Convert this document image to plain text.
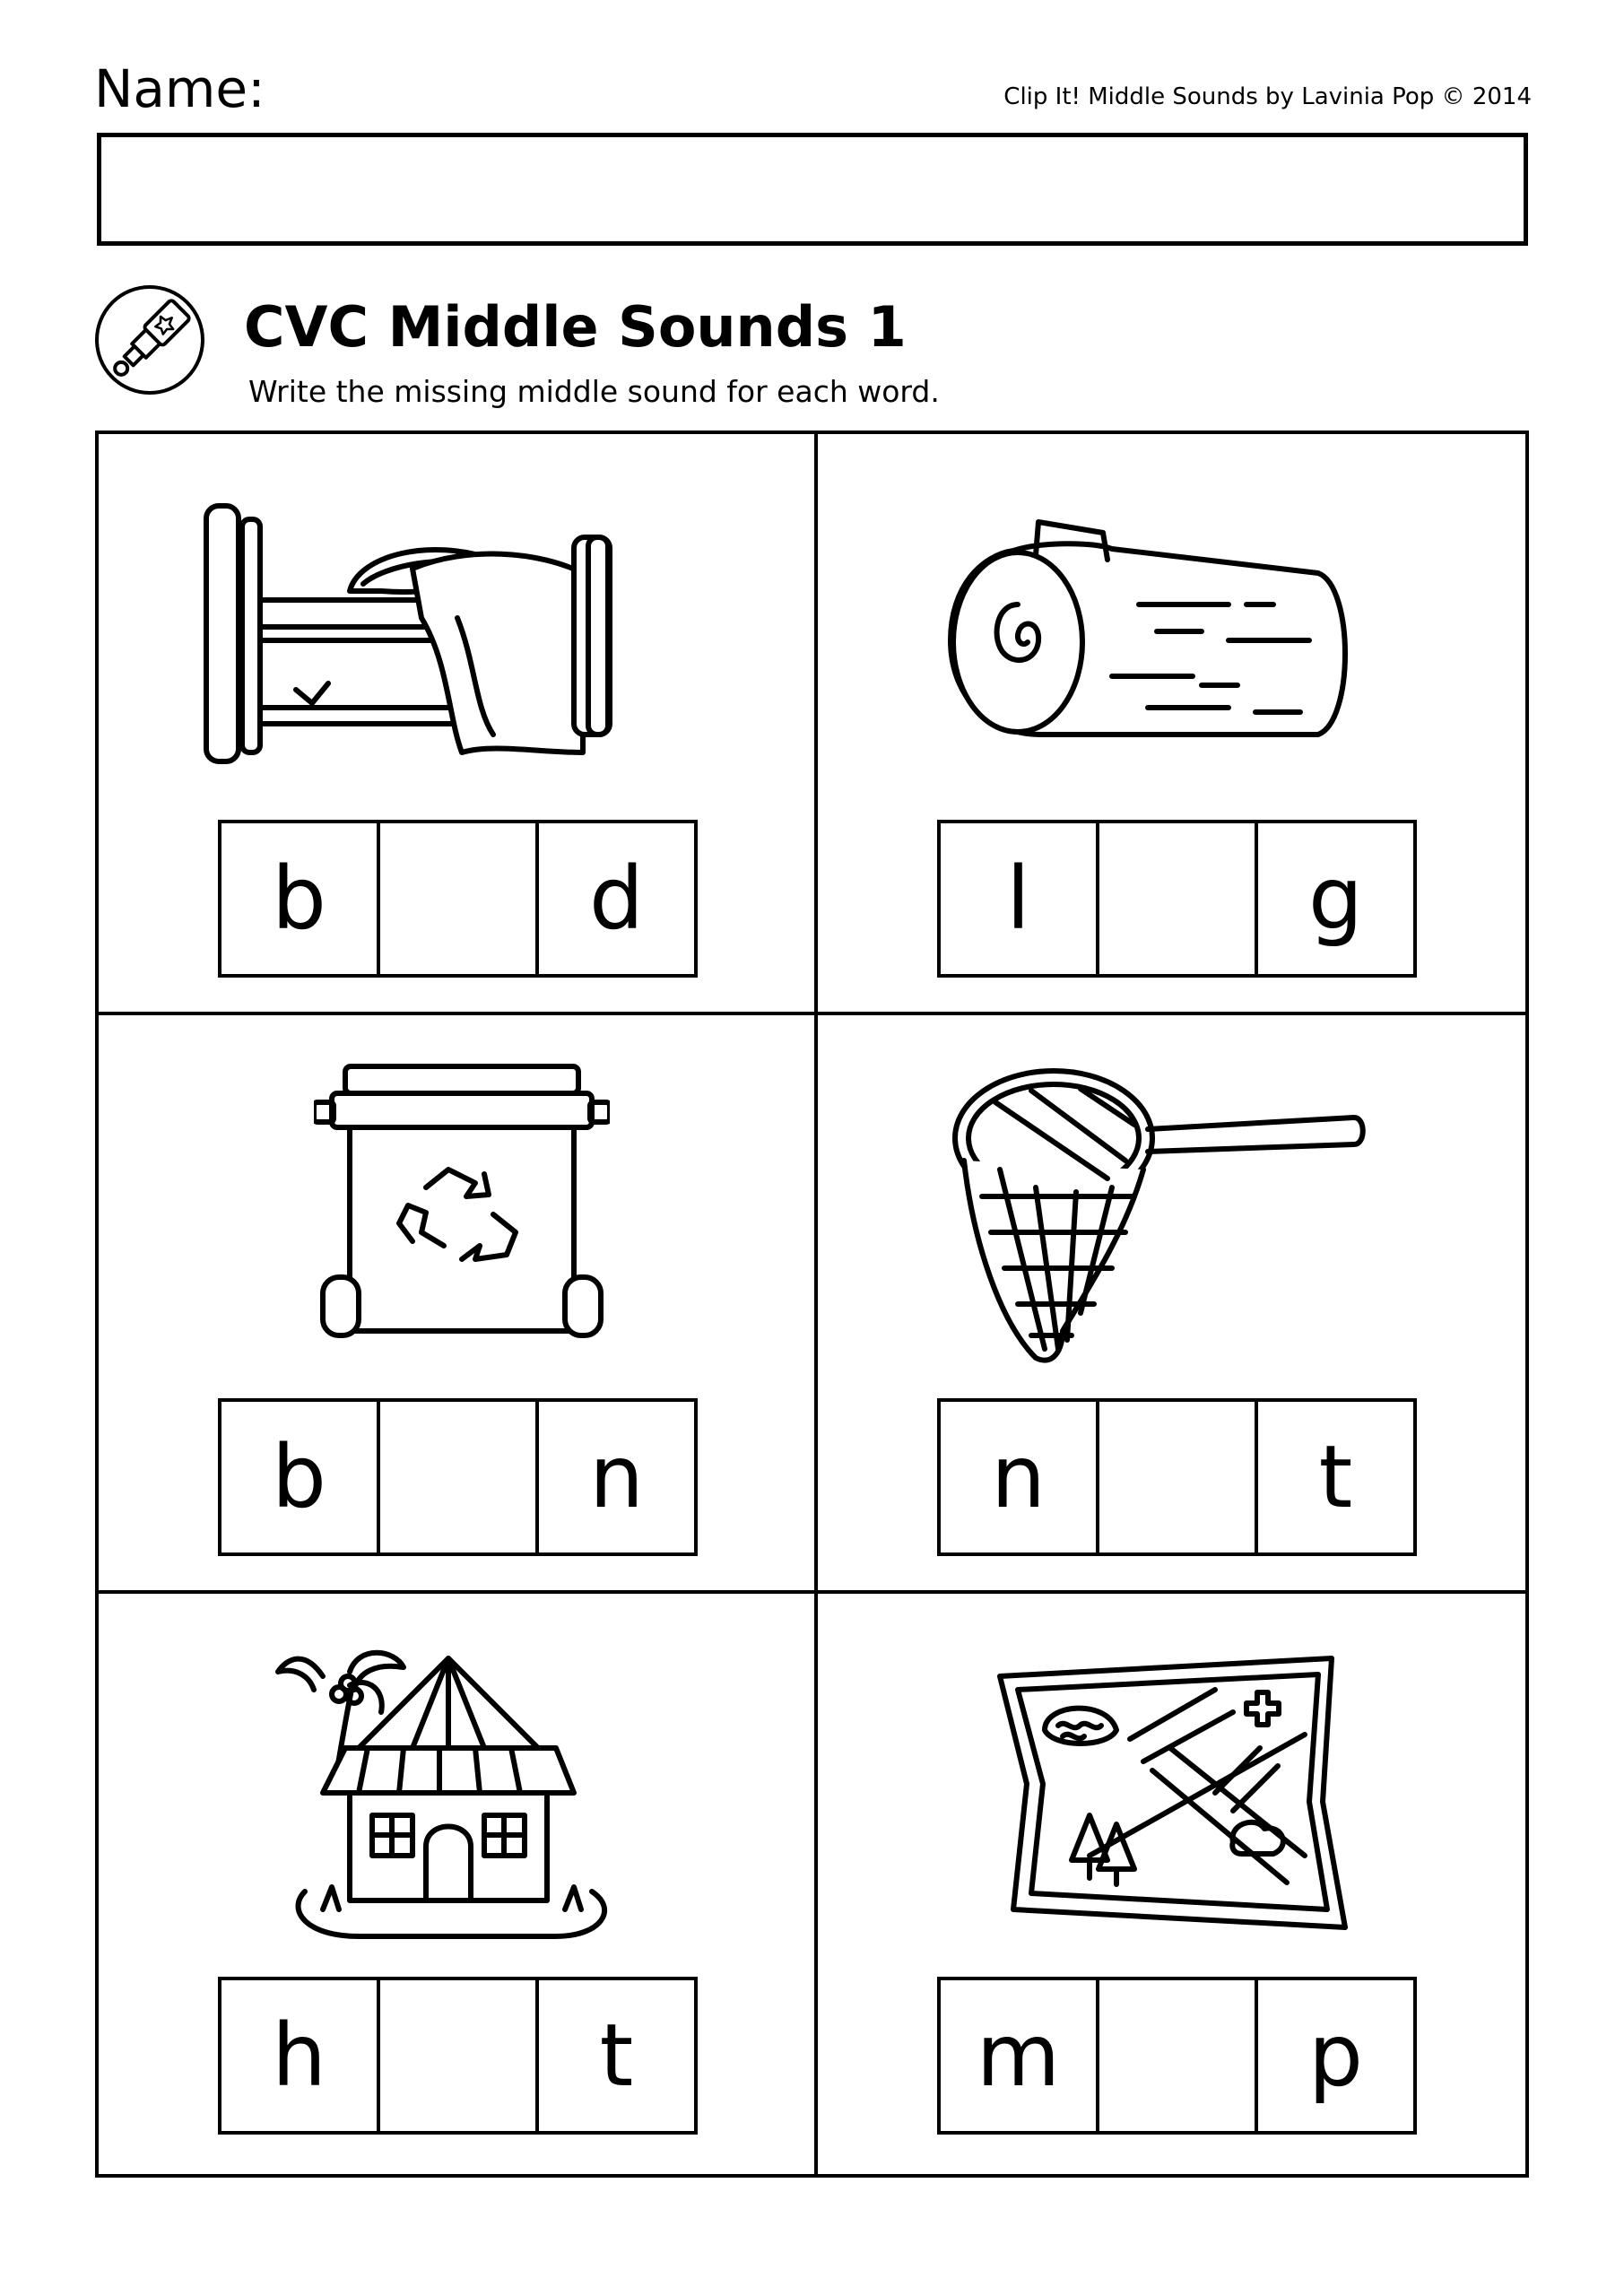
Name:	Clip It! Middle Sounds by Lavinia Pop © 2014
CVC Middle Sounds 1
Write the missing middle sound for each word.
b	d	l	g
b	n	n	t
h	t	m	p
